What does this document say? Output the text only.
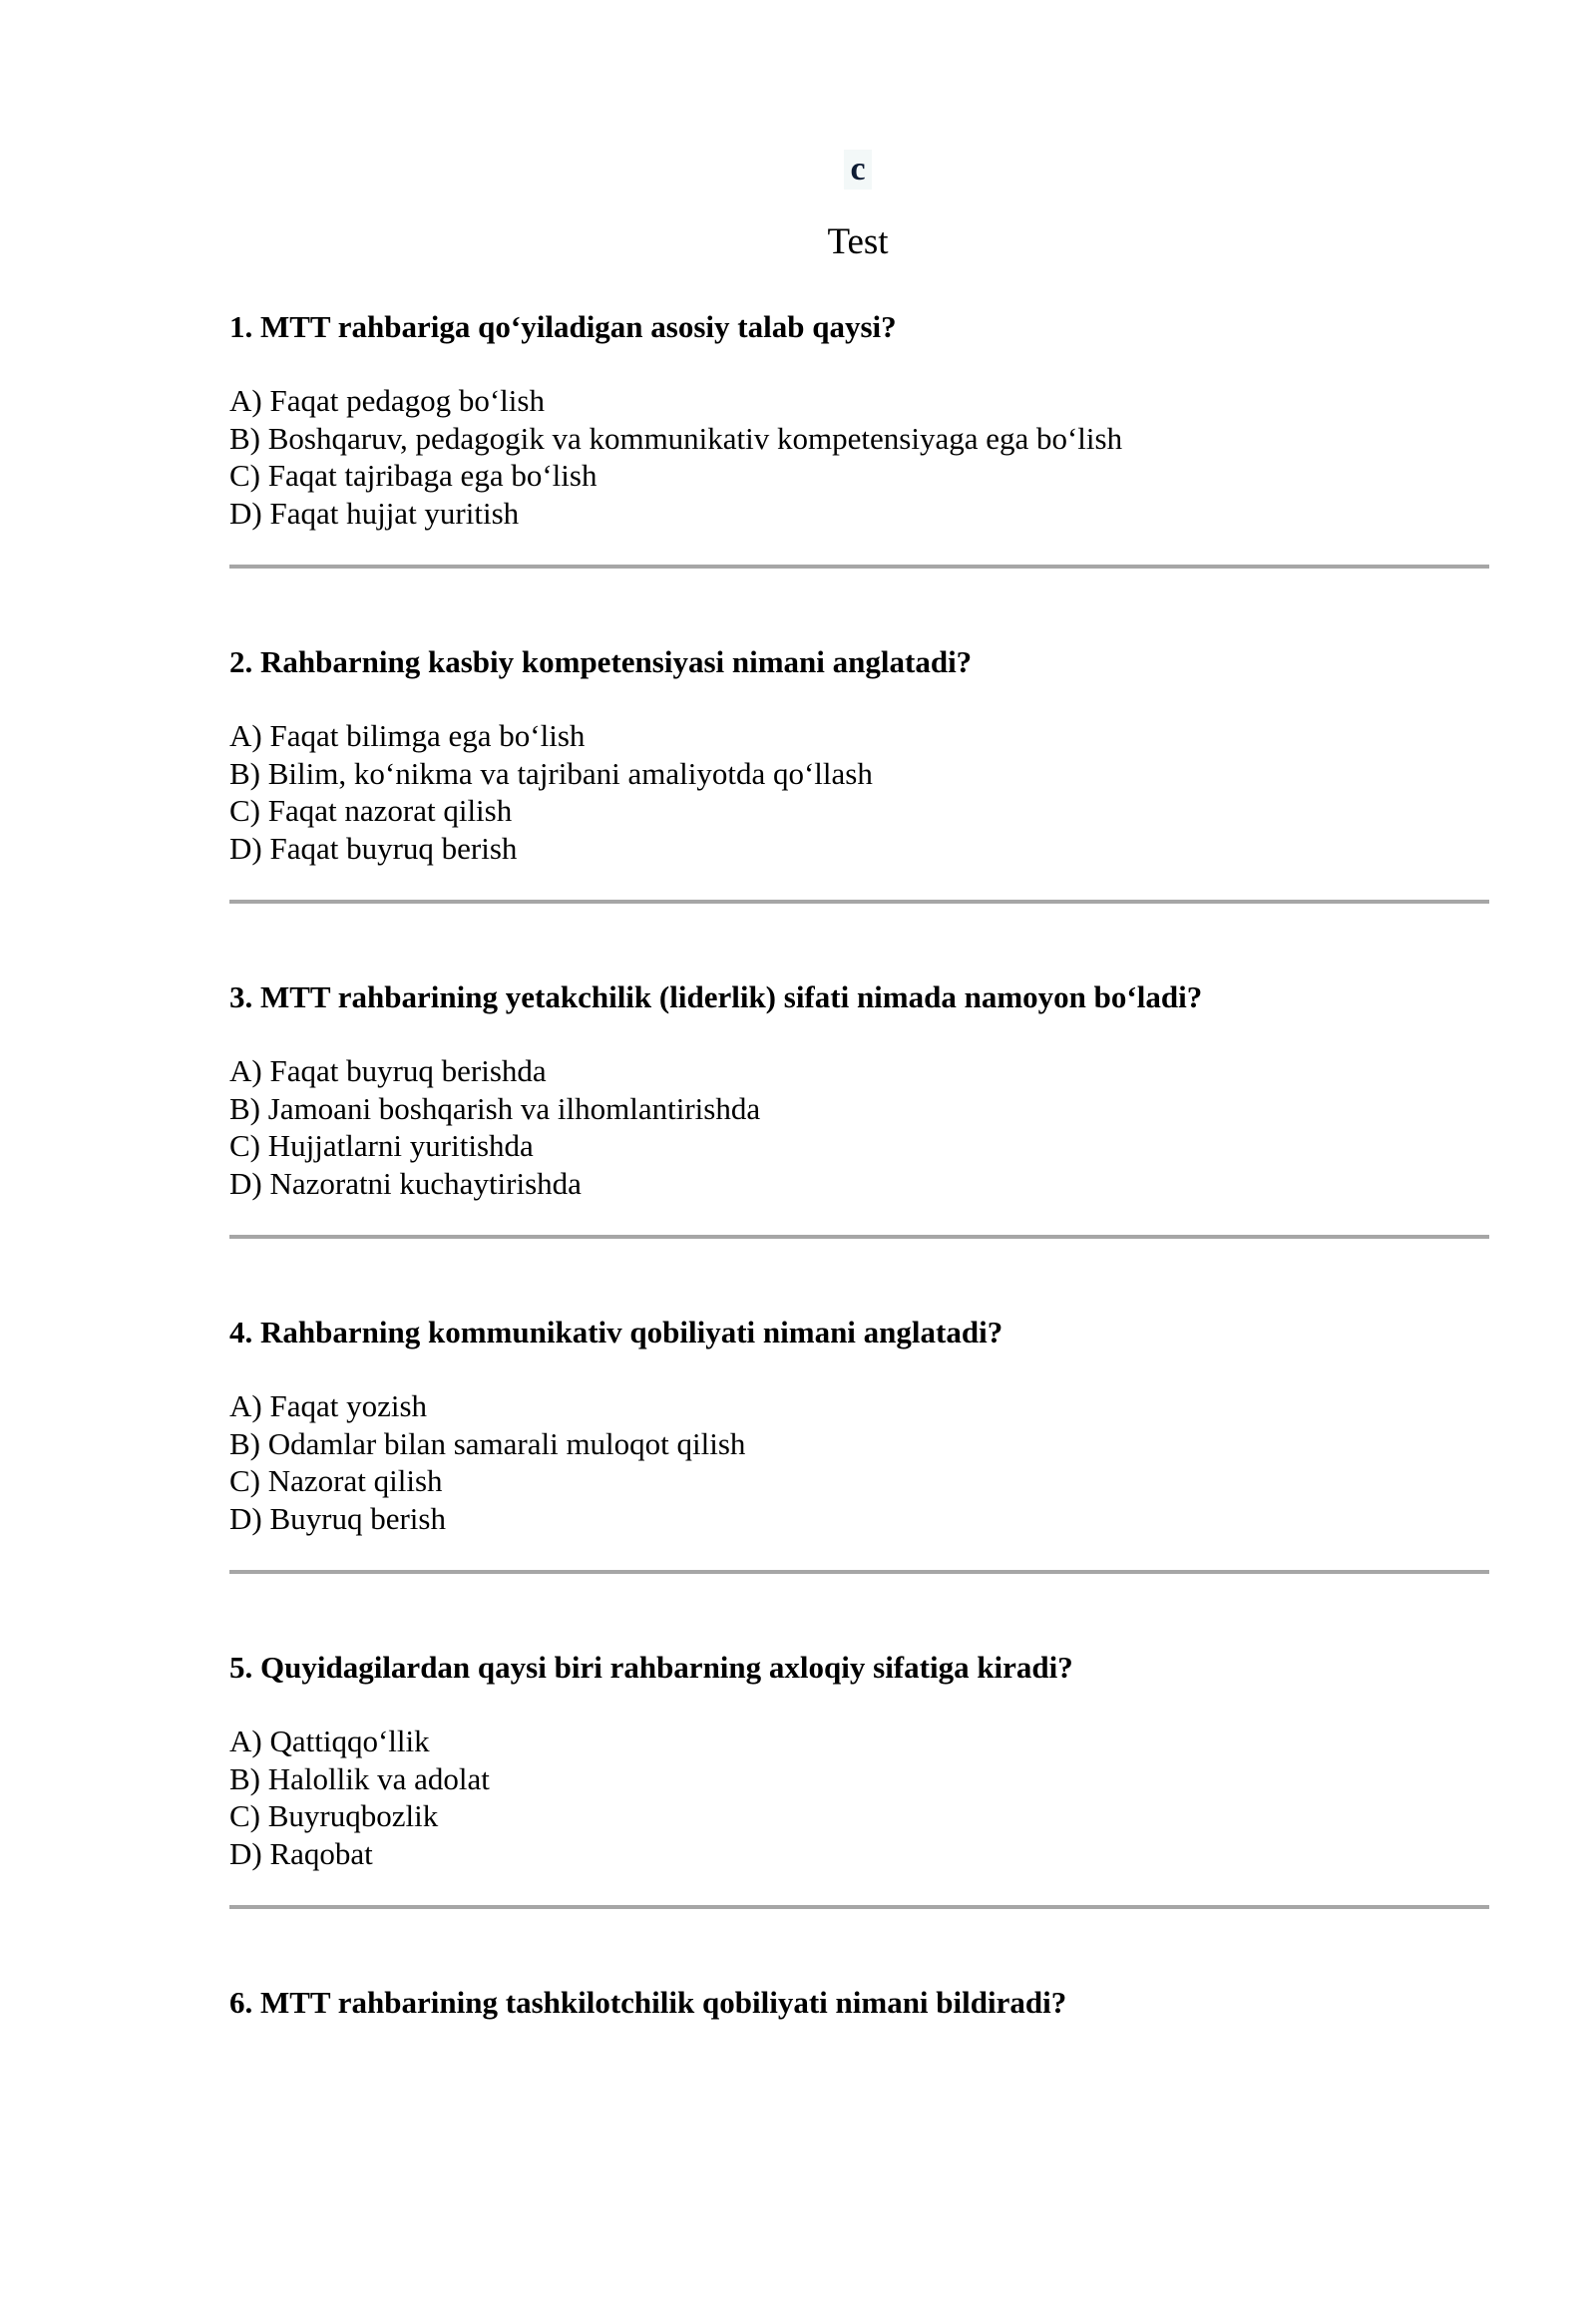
c
Test

1. MTT rahbariga qo‘yiladigan asosiy talab qaysi?

A) Faqat pedagog bo‘lish
B) Boshqaruv, pedagogik va kommunikativ kompetensiyaga ega bo‘lish
C) Faqat tajribaga ega bo‘lish
D) Faqat hujjat yuritish

2. Rahbarning kasbiy kompetensiyasi nimani anglatadi?

A) Faqat bilimga ega bo‘lish
B) Bilim, ko‘nikma va tajribani amaliyotda qo‘llash
C) Faqat nazorat qilish
D) Faqat buyruq berish

3. MTT rahbarining yetakchilik (liderlik) sifati nimada namoyon bo‘ladi?

A) Faqat buyruq berishda
B) Jamoani boshqarish va ilhomlantirishda
C) Hujjatlarni yuritishda
D) Nazoratni kuchaytirishda

4. Rahbarning kommunikativ qobiliyati nimani anglatadi?

A) Faqat yozish
B) Odamlar bilan samarali muloqot qilish
C) Nazorat qilish
D) Buyruq berish

5. Quyidagilardan qaysi biri rahbarning axloqiy sifatiga kiradi?

A) Qattiqqo‘llik
B) Halollik va adolat
C) Buyruqbozlik
D) Raqobat

6. MTT rahbarining tashkilotchilik qobiliyati nimani bildiradi?
